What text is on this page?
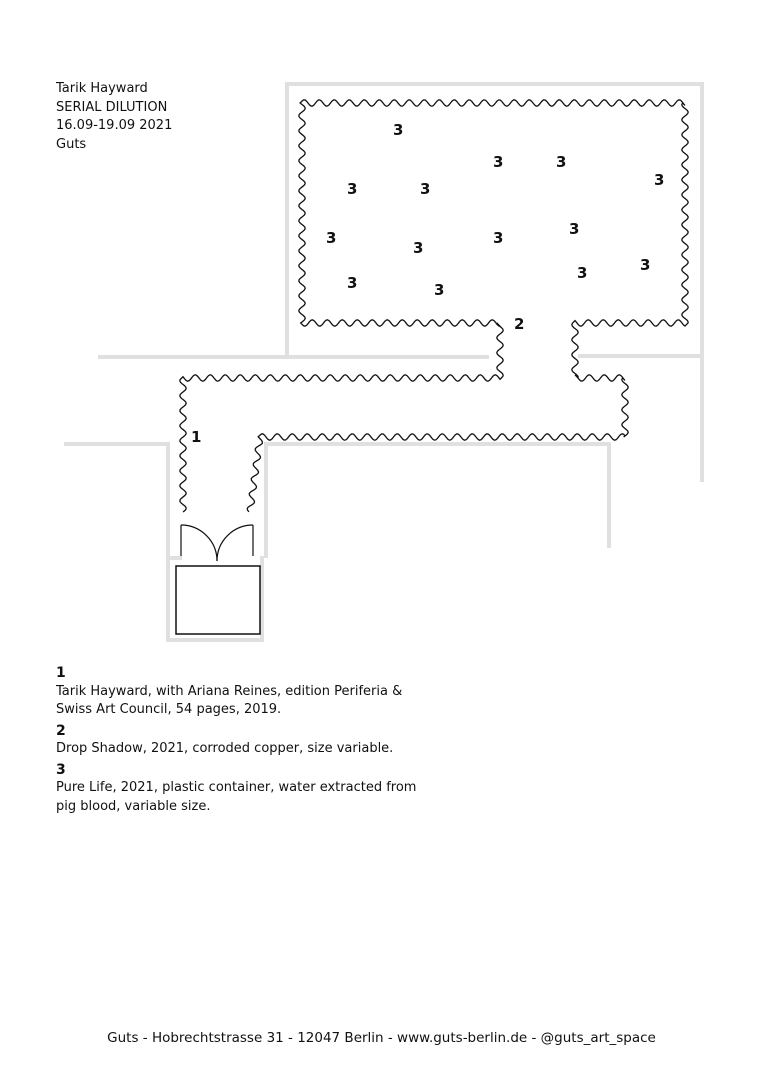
Tarik Hayward
SERIAL DILUTION
16.09-19.09 2021
Guts
1
2
3
3	3
3
3	3
3
3	3
3
3
3
3	3
1
Tarik Hayward, with Ariana Reines, edition Periferia & Swiss Art Council, 54 pages, 2019.
2
Drop Shadow, 2021, corroded copper, size variable.
3
Pure Life, 2021, plastic container, water extracted from pig blood, variable size.
Guts - Hobrechtstrasse 31 - 12047 Berlin - www.guts-berlin.de - @guts_art_space
